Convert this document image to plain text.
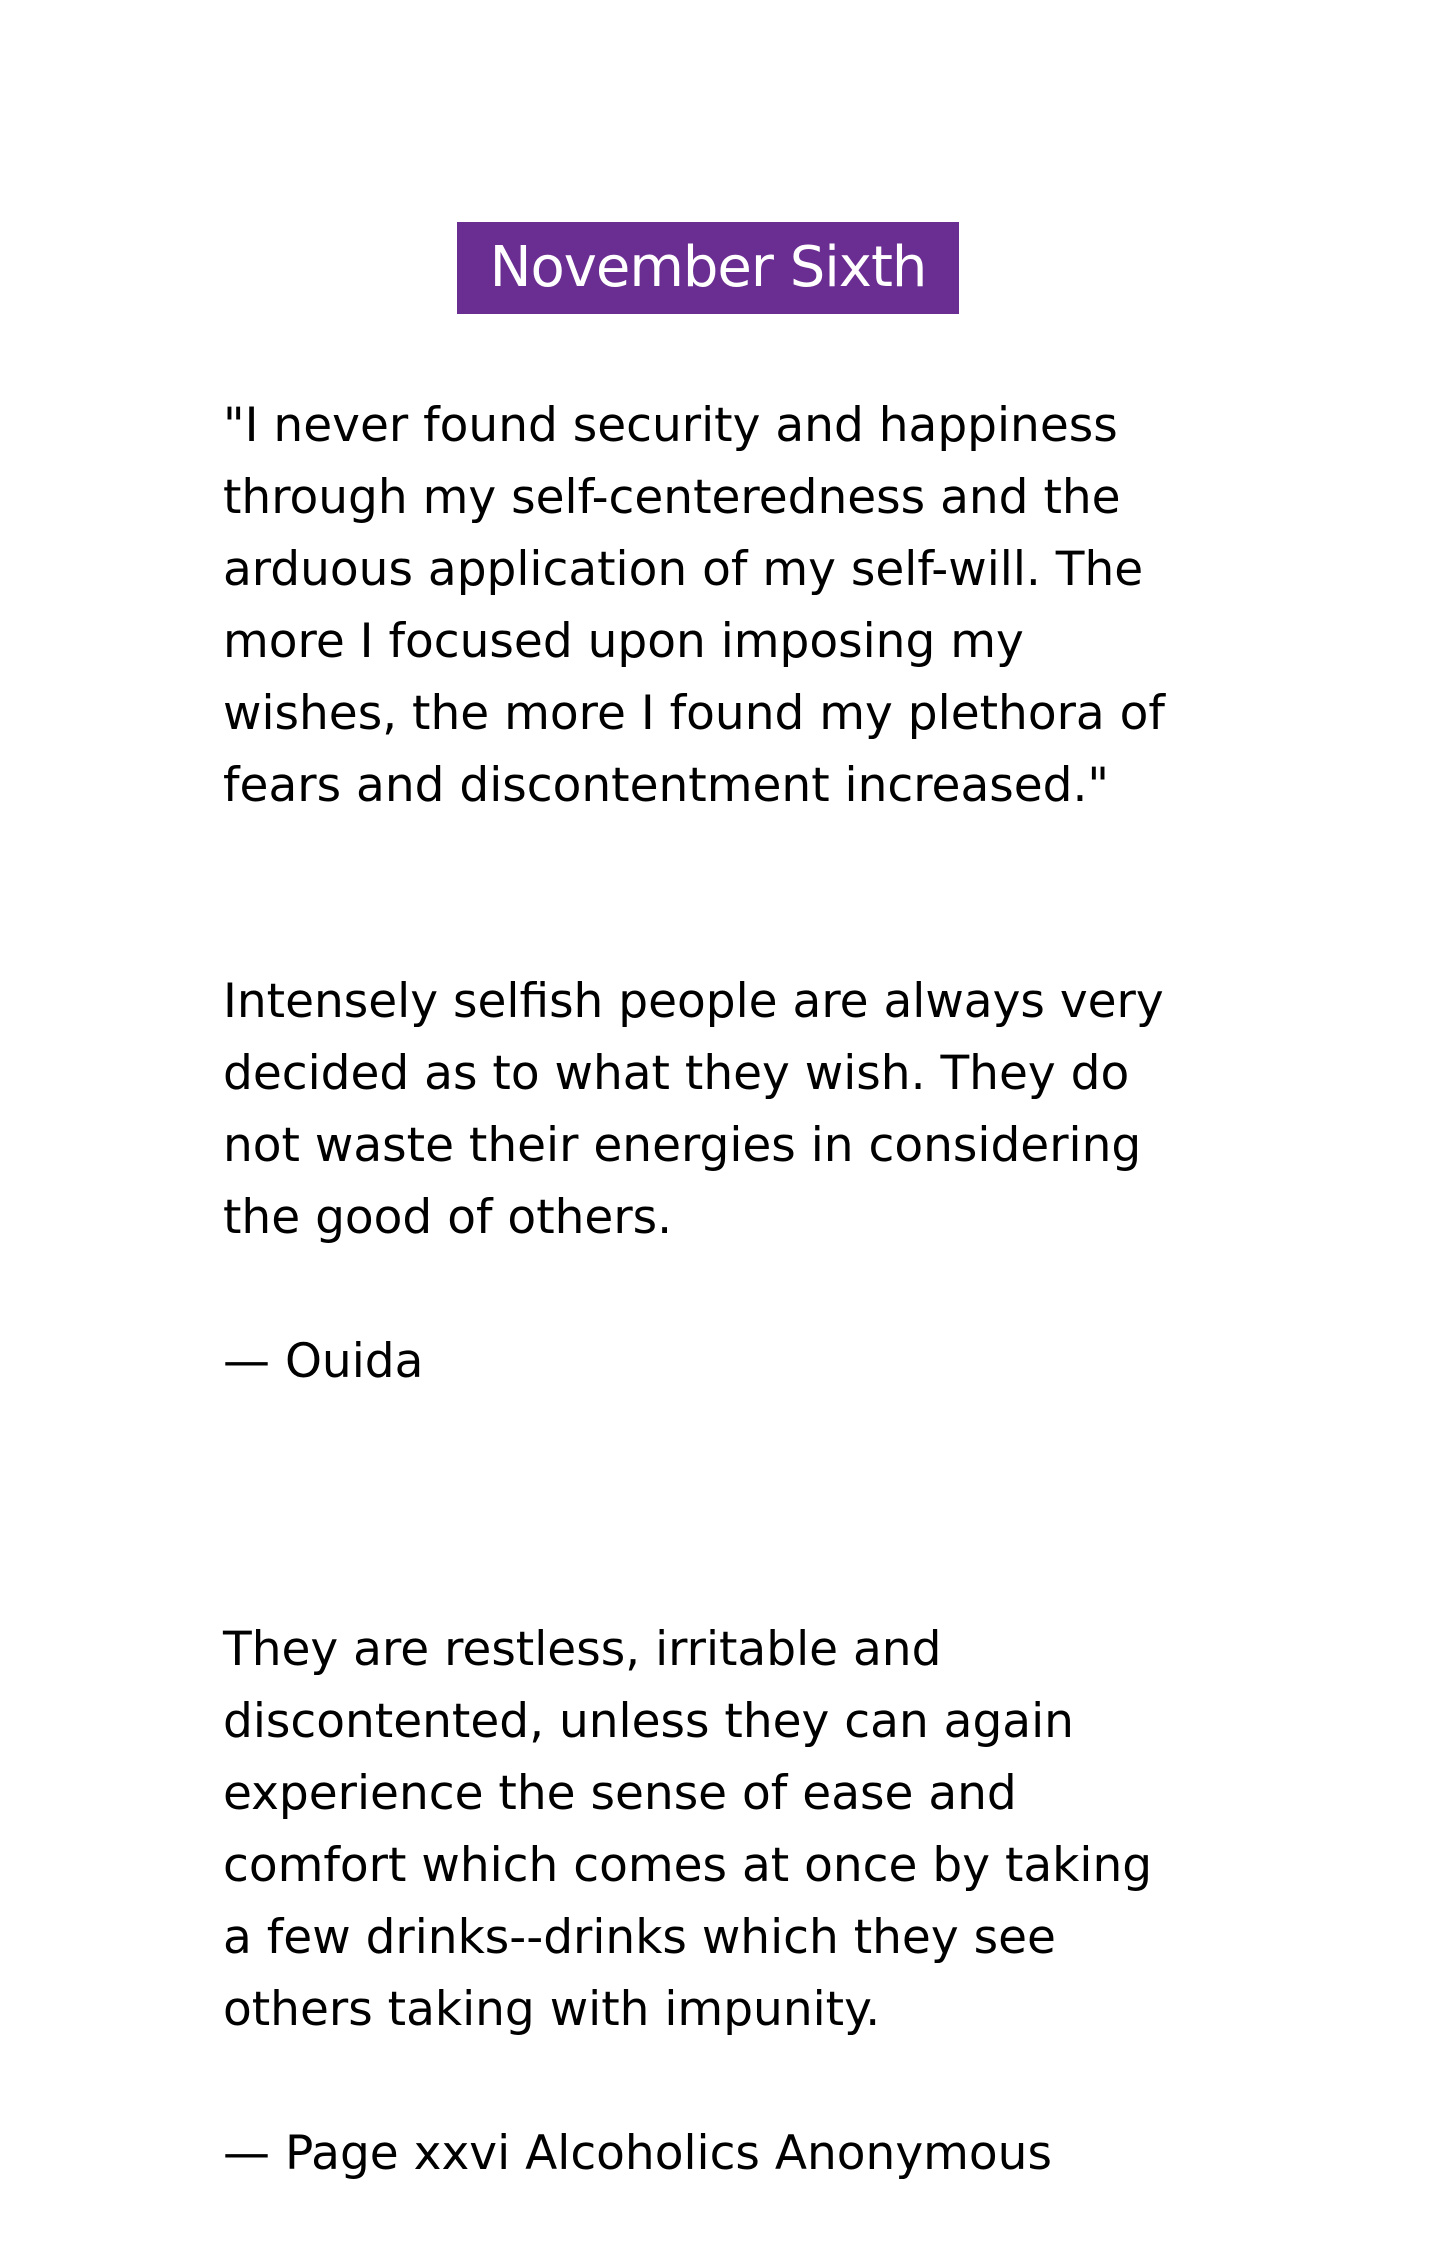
November Sixth

"I never found security and happiness
through my self-centeredness and the
arduous application of my self-will. The
more I focused upon imposing my
wishes, the more I found my plethora of
fears and discontentment increased."

Intensely selfish people are always very
decided as to what they wish. They do
not waste their energies in considering
the good of others.

— Ouida

They are restless, irritable and
discontented, unless they can again
experience the sense of ease and
comfort which comes at once by taking
a few drinks--drinks which they see
others taking with impunity.

— Page xxvi Alcoholics Anonymous
